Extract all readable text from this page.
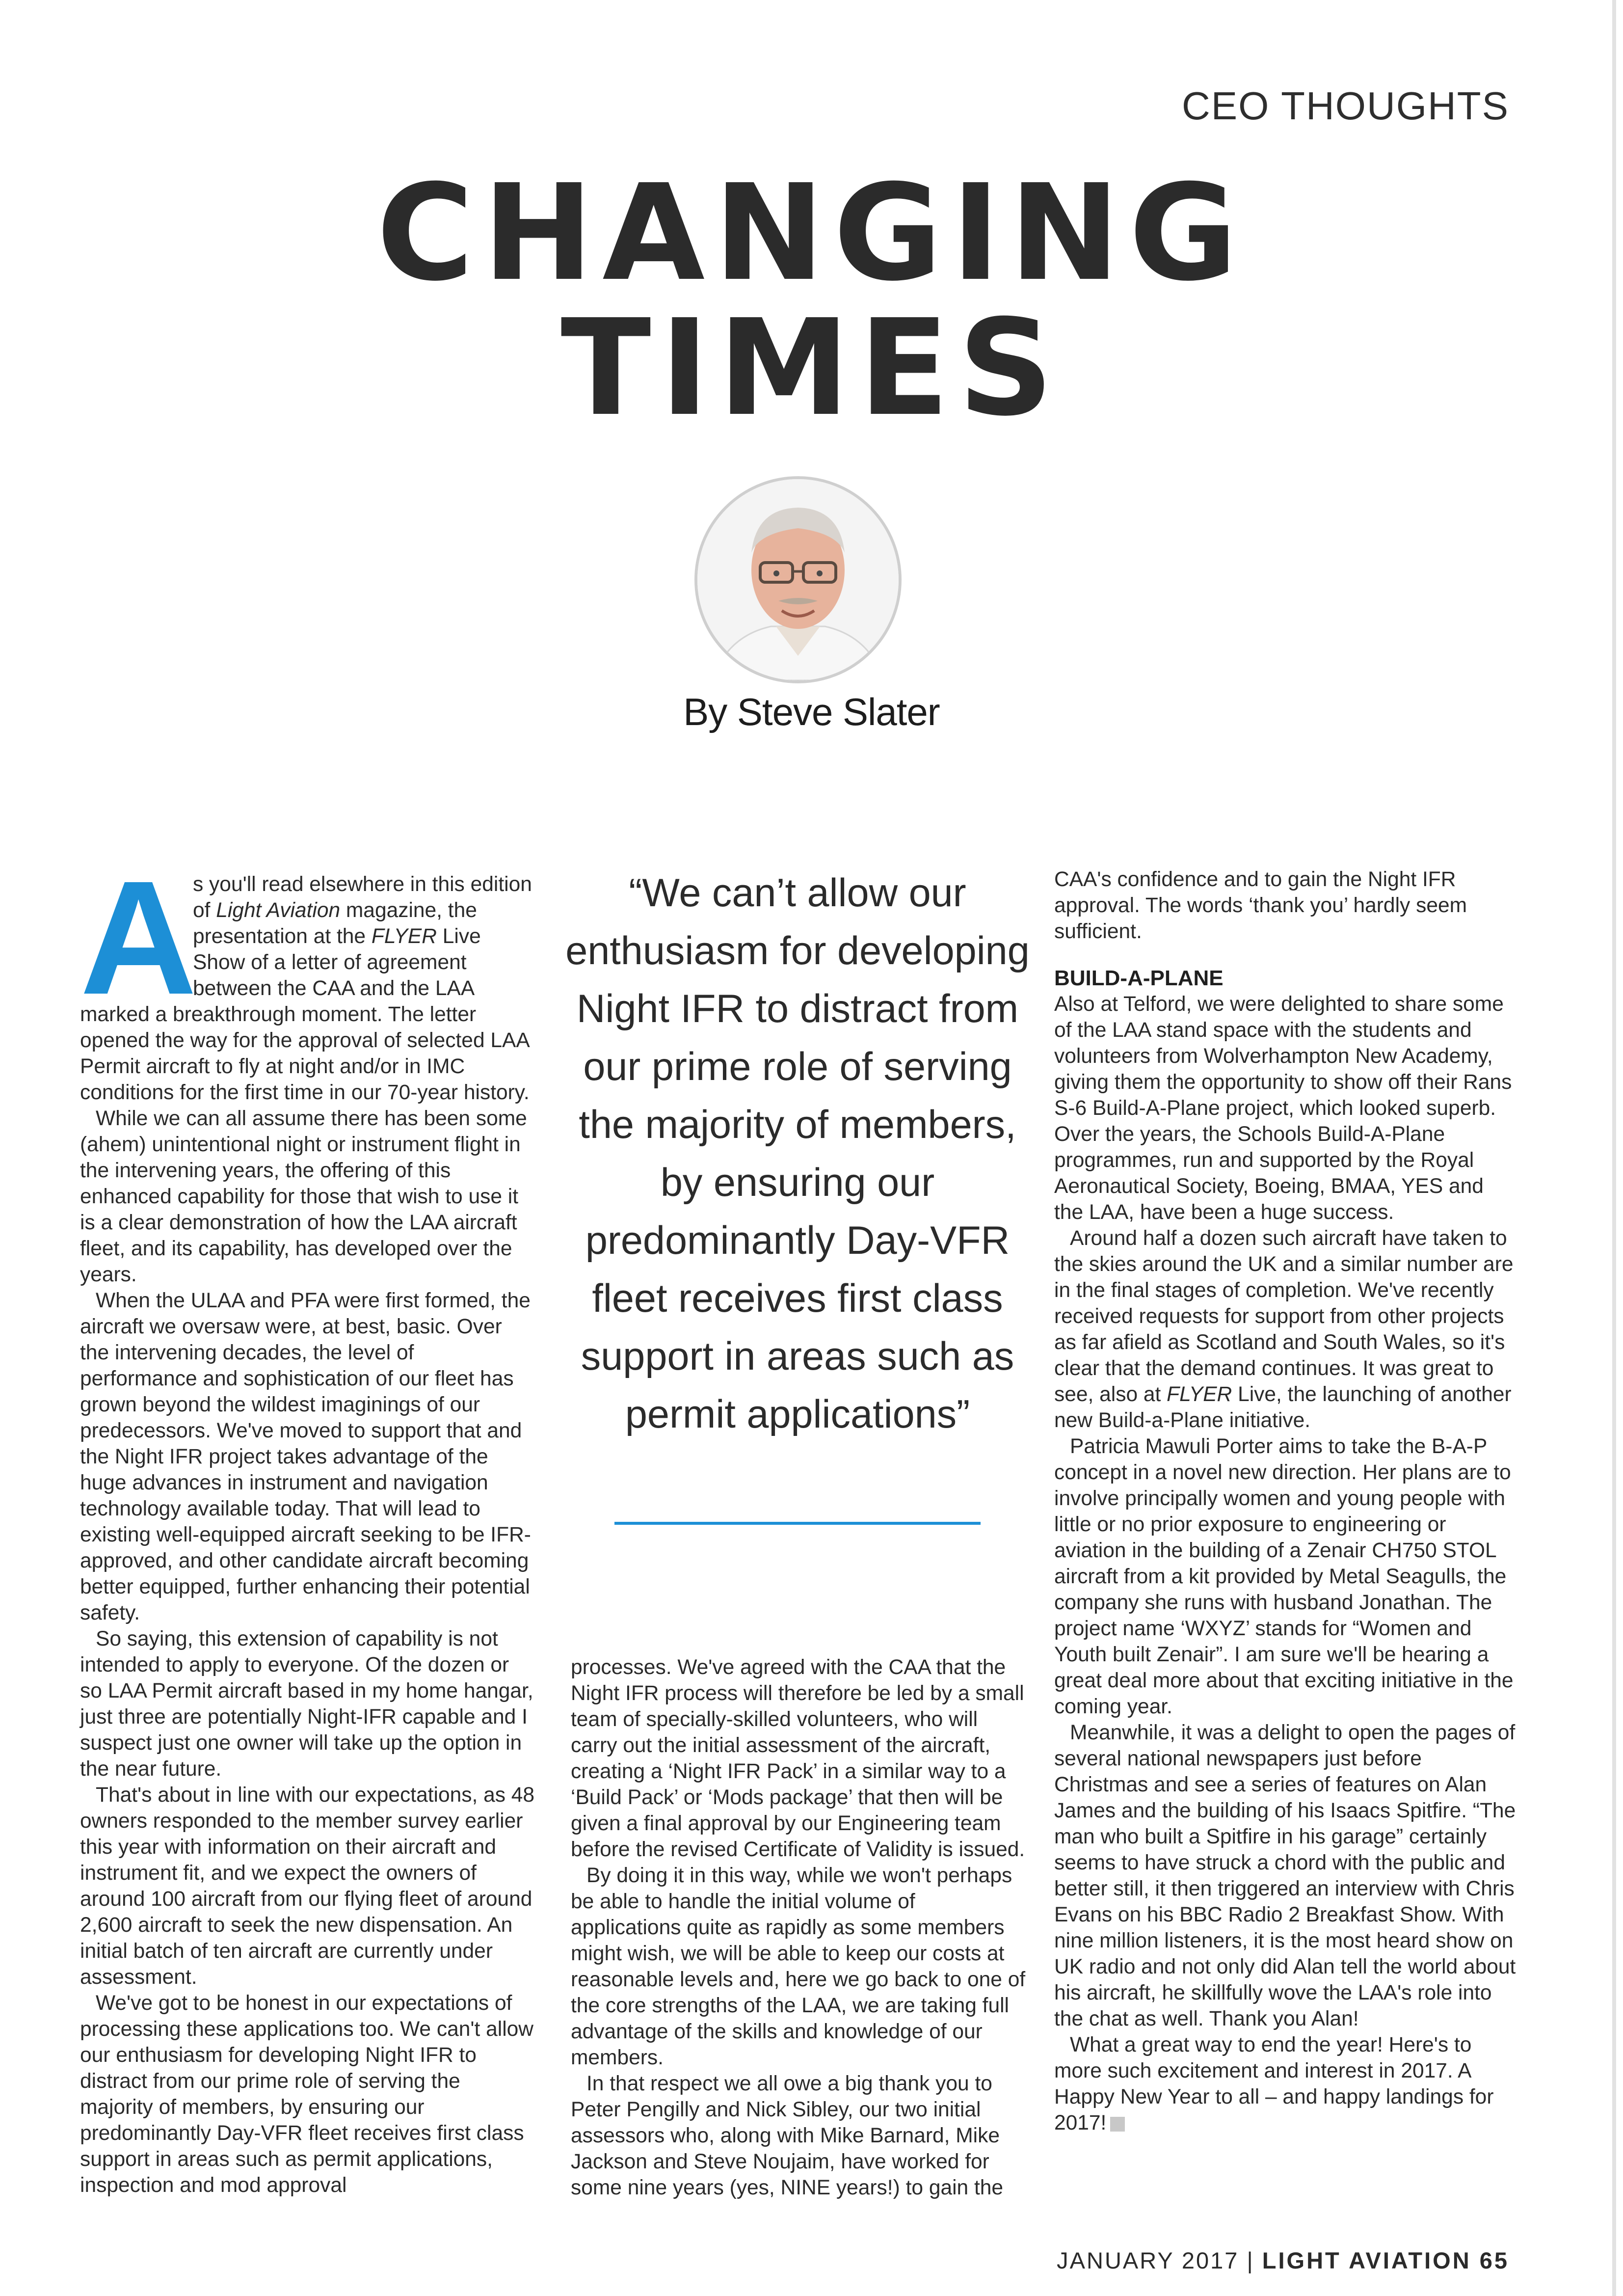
CEO THOUGHTS
CHANGING
TIMES
By Steve Slater
A

s you'll read elsewhere in this edition of Light Aviation magazine, the presentation at the FLYER Live Show of a letter of agreement between the CAA and the LAA

marked a breakthrough moment. The letter opened the way for the approval of selected LAA Permit aircraft to fly at night and/or in IMC conditions for the first time in our 70-year history.

While we can all assume there has been some (ahem) unintentional night or instrument flight in the intervening years, the offering of this enhanced capability for those that wish to use it is a clear demonstration of how the LAA aircraft fleet, and its capability, has developed over the years.

When the ULAA and PFA were first formed, the aircraft we oversaw were, at best, basic. Over the intervening decades, the level of performance and sophistication of our fleet has grown beyond the wildest imaginings of our predecessors. We've moved to support that and the Night IFR project takes advantage of the huge advances in instrument and navigation technology available today. That will lead to existing well-equipped aircraft seeking to be IFR-approved, and other candidate aircraft becoming better equipped, further enhancing their potential safety.

So saying, this extension of capability is not intended to apply to everyone. Of the dozen or so LAA Permit aircraft based in my home hangar, just three are potentially Night-IFR capable and I suspect just one owner will take up the option in the near future.

That's about in line with our expectations, as 48 owners responded to the member survey earlier this year with information on their aircraft and instrument fit, and we expect the owners of around 100 aircraft from our flying fleet of around 2,600 aircraft to seek the new dispensation. An initial batch of ten aircraft are currently under assessment.

We've got to be honest in our expectations of processing these applications too. We can't allow our enthusiasm for developing Night IFR to distract from our prime role of serving the majority of members, by ensuring our predominantly Day-VFR fleet receives first class support in areas such as permit applications, inspection and mod approval

“We can’t allow our enthusiasm for developing Night IFR to distract from our prime role of serving the majority of members, by ensuring our predominantly Day-VFR fleet receives first class support in areas such as permit applications”

processes. We've agreed with the CAA that the Night IFR process will therefore be led by a small team of specially-skilled volunteers, who will carry out the initial assessment of the aircraft, creating a ‘Night IFR Pack’ in a similar way to a ‘Build Pack’ or ‘Mods package’ that then will be given a final approval by our Engineering team before the revised Certificate of Validity is issued.

By doing it in this way, while we won't perhaps be able to handle the initial volume of applications quite as rapidly as some members might wish, we will be able to keep our costs at reasonable levels and, here we go back to one of the core strengths of the LAA, we are taking full advantage of the skills and knowledge of our members.

In that respect we all owe a big thank you to Peter Pengilly and Nick Sibley, our two initial assessors who, along with Mike Barnard, Mike Jackson and Steve Noujaim, have worked for some nine years (yes, NINE years!) to gain the

CAA's confidence and to gain the Night IFR approval. The words ‘thank you’ hardly seem sufficient.

BUILD-A-PLANE

Also at Telford, we were delighted to share some of the LAA stand space with the students and volunteers from Wolverhampton New Academy, giving them the opportunity to show off their Rans S-6 Build-A-Plane project, which looked superb. Over the years, the Schools Build-A-Plane programmes, run and supported by the Royal Aeronautical Society, Boeing, BMAA, YES and the LAA, have been a huge success.

Around half a dozen such aircraft have taken to the skies around the UK and a similar number are in the final stages of completion. We've recently received requests for support from other projects as far afield as Scotland and South Wales, so it's clear that the demand continues. It was great to see, also at FLYER Live, the launching of another new Build-a-Plane initiative.

Patricia Mawuli Porter aims to take the B-A-P concept in a novel new direction. Her plans are to involve principally women and young people with little or no prior exposure to engineering or aviation in the building of a Zenair CH750 STOL aircraft from a kit provided by Metal Seagulls, the company she runs with husband Jonathan. The project name ‘WXYZ’ stands for “Women and Youth built Zenair”. I am sure we'll be hearing a great deal more about that exciting initiative in the coming year.

Meanwhile, it was a delight to open the pages of several national newspapers just before Christmas and see a series of features on Alan James and the building of his Isaacs Spitfire. “The man who built a Spitfire in his garage” certainly seems to have struck a chord with the public and better still, it then triggered an interview with Chris Evans on his BBC Radio 2 Breakfast Show. With nine million listeners, it is the most heard show on UK radio and not only did Alan tell the world about his aircraft, he skillfully wove the LAA's role into the chat as well. Thank you Alan!

What a great way to end the year! Here's to more such excitement and interest in 2017. A Happy New Year to all – and happy landings for 2017!

JANUARY 2017 | LIGHT AVIATION 65
